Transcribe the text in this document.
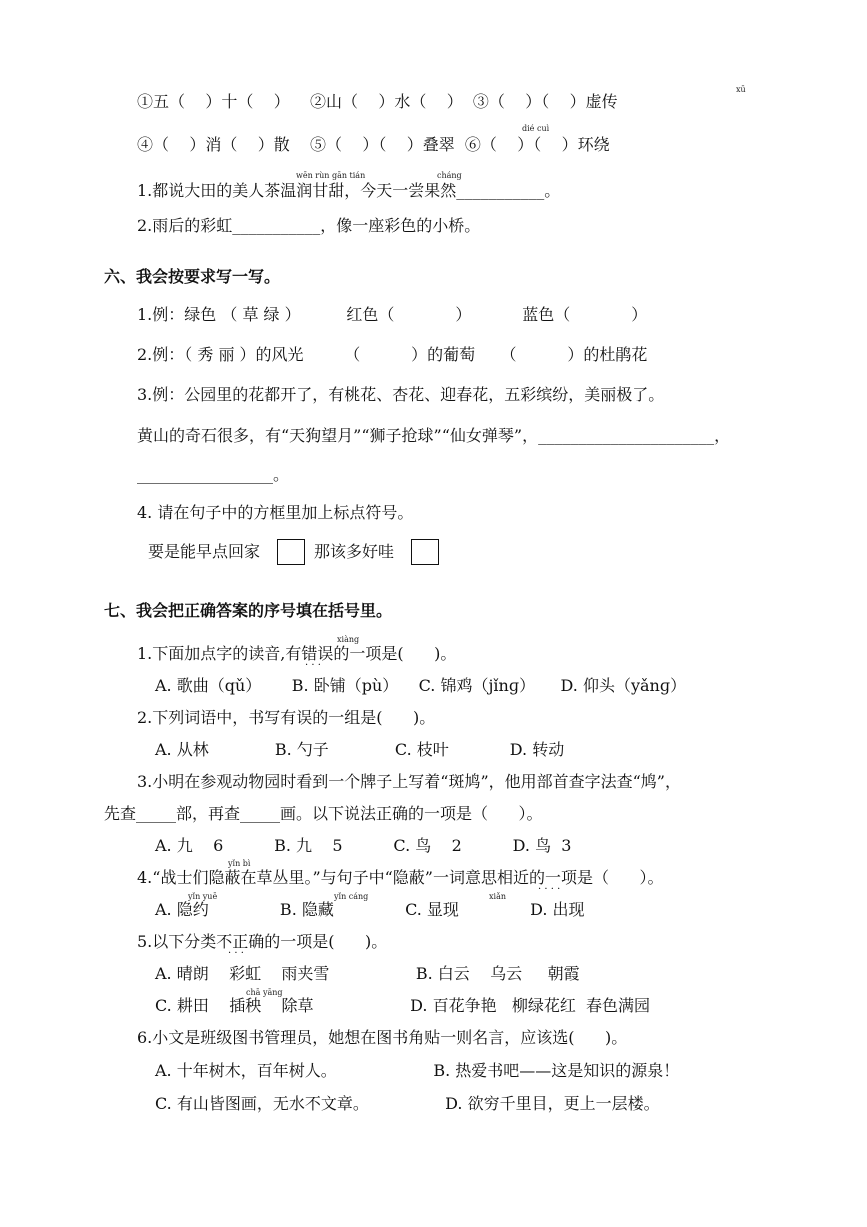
xū
①五（    ）十（    ）    ②山（    ）水（    ）  ③（    ）（    ）虚传
dié cuì
④（    ）消（    ）散    ⑤（    ）（    ）叠翠  ⑥（    ）（    ）环绕
wēn rùn gān tián	cháng
1.都说大田的美人茶温润甘甜，今天一尝果然___________。
2.雨后的彩虹___________，像一座彩色的小桥。
六、我会按要求写一写。
1.例：绿色 （ 草 绿 ）         红色（            ）          蓝色（            ）
2.例：（ 秀 丽 ）的风光        （          ）的葡萄     （          ）的杜鹃花
3.例：公园里的花都开了，有桃花、杏花、迎春花，五彩缤纷，美丽极了。
黄山的奇石很多，有“天狗望月”“狮子抢球”“仙女弹琴”，______________________，
_________________。
4. 请在句子中的方框里加上标点符号。
要是能早点回家	那该多好哇
七、我会把正确答案的序号填在括号里。
xiàng
1.下面加点字的读音,有错误的一项是(      )。
· · ·
A. 歌曲（qǔ）      B. 卧铺（pù）    C. 锦鸡（jǐnɡ）     D. 仰头（yǎnɡ）
2.下列词语中，书写有误的一组是(      )。
A. 从林             B. 勺子             C. 枝叶            D. 转动
3.小明在参观动物园时看到一个牌子上写着“斑鸠”，他用部首查字法查“鸠”，
先查_____部，再查_____画。以下说法正确的一项是（      ）。
A. 九    6          B. 九    5          C. 鸟    2          D. 鸟  3
yǐn bì
4.“战士们隐蔽在草丛里。”与句子中“隐蔽”一词意思相近的一项是（      ）。
· · · ·
yǐn yuē	yǐn cáng	xiǎn
A. 隐约              B. 隐藏              C. 显现              D. 出现
5.以下分类不正确的一项是(      )。
· · ·
A. 晴朗    彩虹    雨夹雪                 B. 白云    乌云     朝霞
chā yāng
C. 耕田    插秧    除草                   D. 百花争艳   柳绿花红  春色满园
6.小文是班级图书管理员，她想在图书角贴一则名言，应该选(      )。
A. 十年树木，百年树人。                   B. 热爱书吧——这是知识的源泉！
C. 有山皆图画，无水不文章。               D. 欲穷千里目，更上一层楼。
